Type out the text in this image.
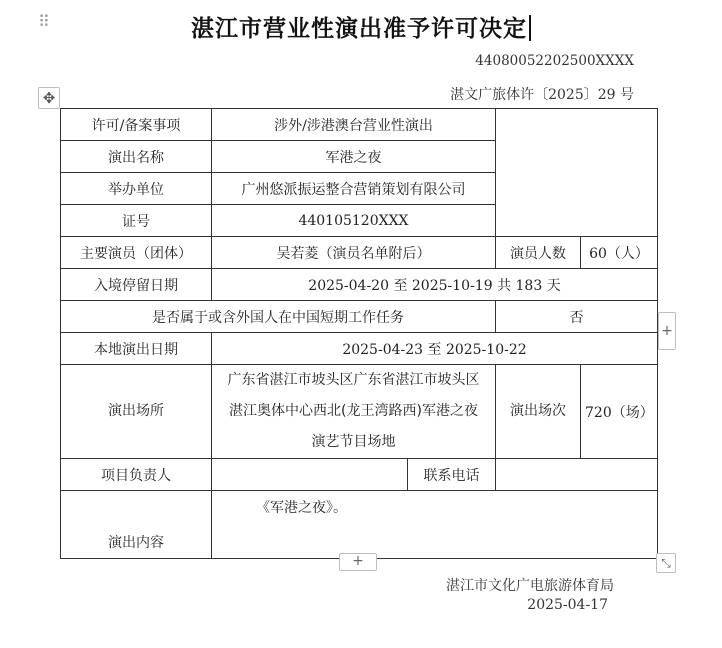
⠿	湛江市营业性演出准予许可决定
44080052202500XXXX
湛文广旅体许〔2025〕29 号
✥
许可/备案事项	涉外/涉港澳台营业性演出			
演出名称	军港之夜			
举办单位	广州悠派振运整合营销策划有限公司			
证号	440105120XXX			
主要演员（团体）	吴若菱（演员名单附后）		演员人数	60（人）
入境停留日期	2025-04-20 至 2025-10-19 共 183 天			
是否属于或含外国人在中国短期工作任务			否	
本地演出日期	2025-04-23 至 2025-10-22			
演出场所	广东省湛江市坡头区广东省湛江市坡头区
湛江奥体中心西北(龙王湾路西)军港之夜
演艺节目场地		演出场次	720（场）
项目负责人		联系电话		
演出内容	《军港之夜》。			
+
+	⤡
湛江市文化广电旅游体育局
2025-04-17
